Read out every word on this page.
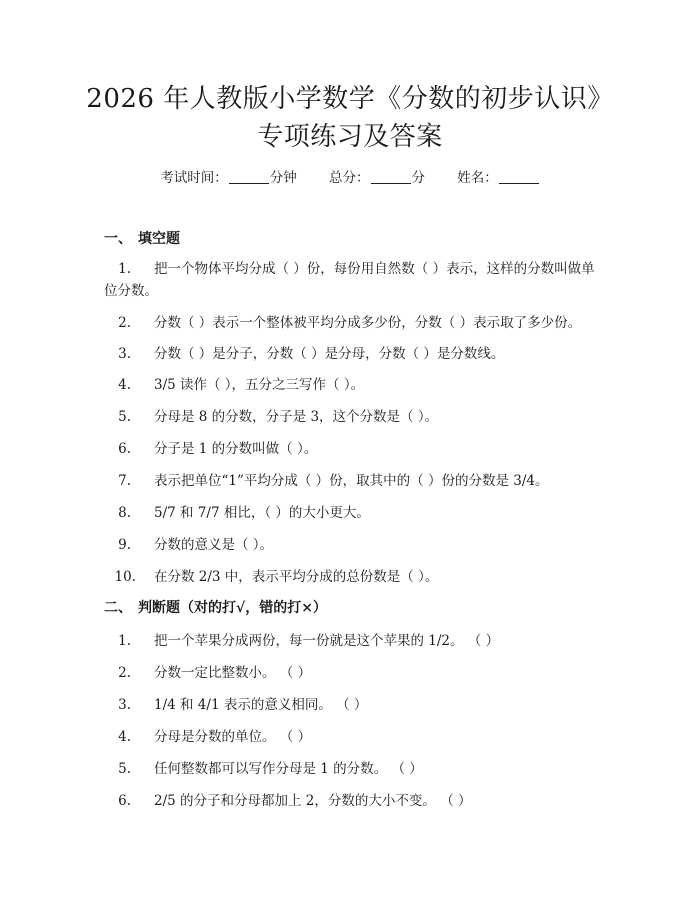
2026 年人教版小学数学《分数的初步认识》
专项练习及答案
考试时间：	分钟 总分：	分 姓名：
一、 填空题
1. 把一个物体平均分成（ ）份，每份用自然数（ ）表示，这样的分数叫做单位分数。
2. 分数（ ）表示一个整体被平均分成多少份，分数（ ）表示取了多少份。
3. 分数（ ）是分子，分数（ ）是分母，分数（ ）是分数线。
4. 3/5 读作（ ），五分之三写作（ ）。
5. 分母是 8 的分数，分子是 3，这个分数是（ ）。
6. 分子是 1 的分数叫做（ ）。
7. 表示把单位“1”平均分成（ ）份，取其中的（ ）份的分数是 3/4。
8. 5/7 和 7/7 相比，（ ）的大小更大。
9. 分数的意义是（ ）。
10. 在分数 2/3 中，表示平均分成的总份数是（ ）。
二、 判断题（对的打√，错的打×）
1. 把一个苹果分成两份，每一份就是这个苹果的 1/2。 （ ）
2. 分数一定比整数小。 （ ）
3. 1/4 和 4/1 表示的意义相同。 （ ）
4. 分母是分数的单位。 （ ）
5. 任何整数都可以写作分母是 1 的分数。 （ ）
6. 2/5 的分子和分母都加上 2，分数的大小不变。 （ ）
